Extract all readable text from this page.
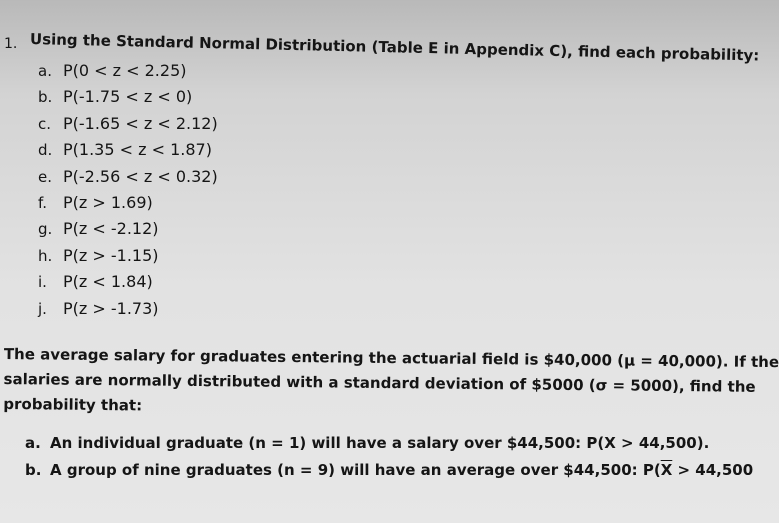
1. Using the Standard Normal Distribution (Table E in Appendix C), find each probability:
a. P(0 < z < 2.25)
b. P(-1.75 < z < 0)
c. P(-1.65 < z < 2.12)
d. P(1.35 < z < 1.87)
e. P(-2.56 < z < 0.32)
f. P(z > 1.69)
g. P(z < -2.12)
h. P(z > -1.15)
i. P(z < 1.84)
j. P(z > -1.73)
The average salary for graduates entering the actuarial field is $40,000 (μ = 40,000). If the
salaries are normally distributed with a standard deviation of $5000 (σ = 5000), find the
probability that:
a. An individual graduate (n = 1) will have a salary over $44,500: P(X > 44,500).
b. A group of nine graduates (n = 9) will have an average over $44,500: $P(\overline{X} > 44,500$
